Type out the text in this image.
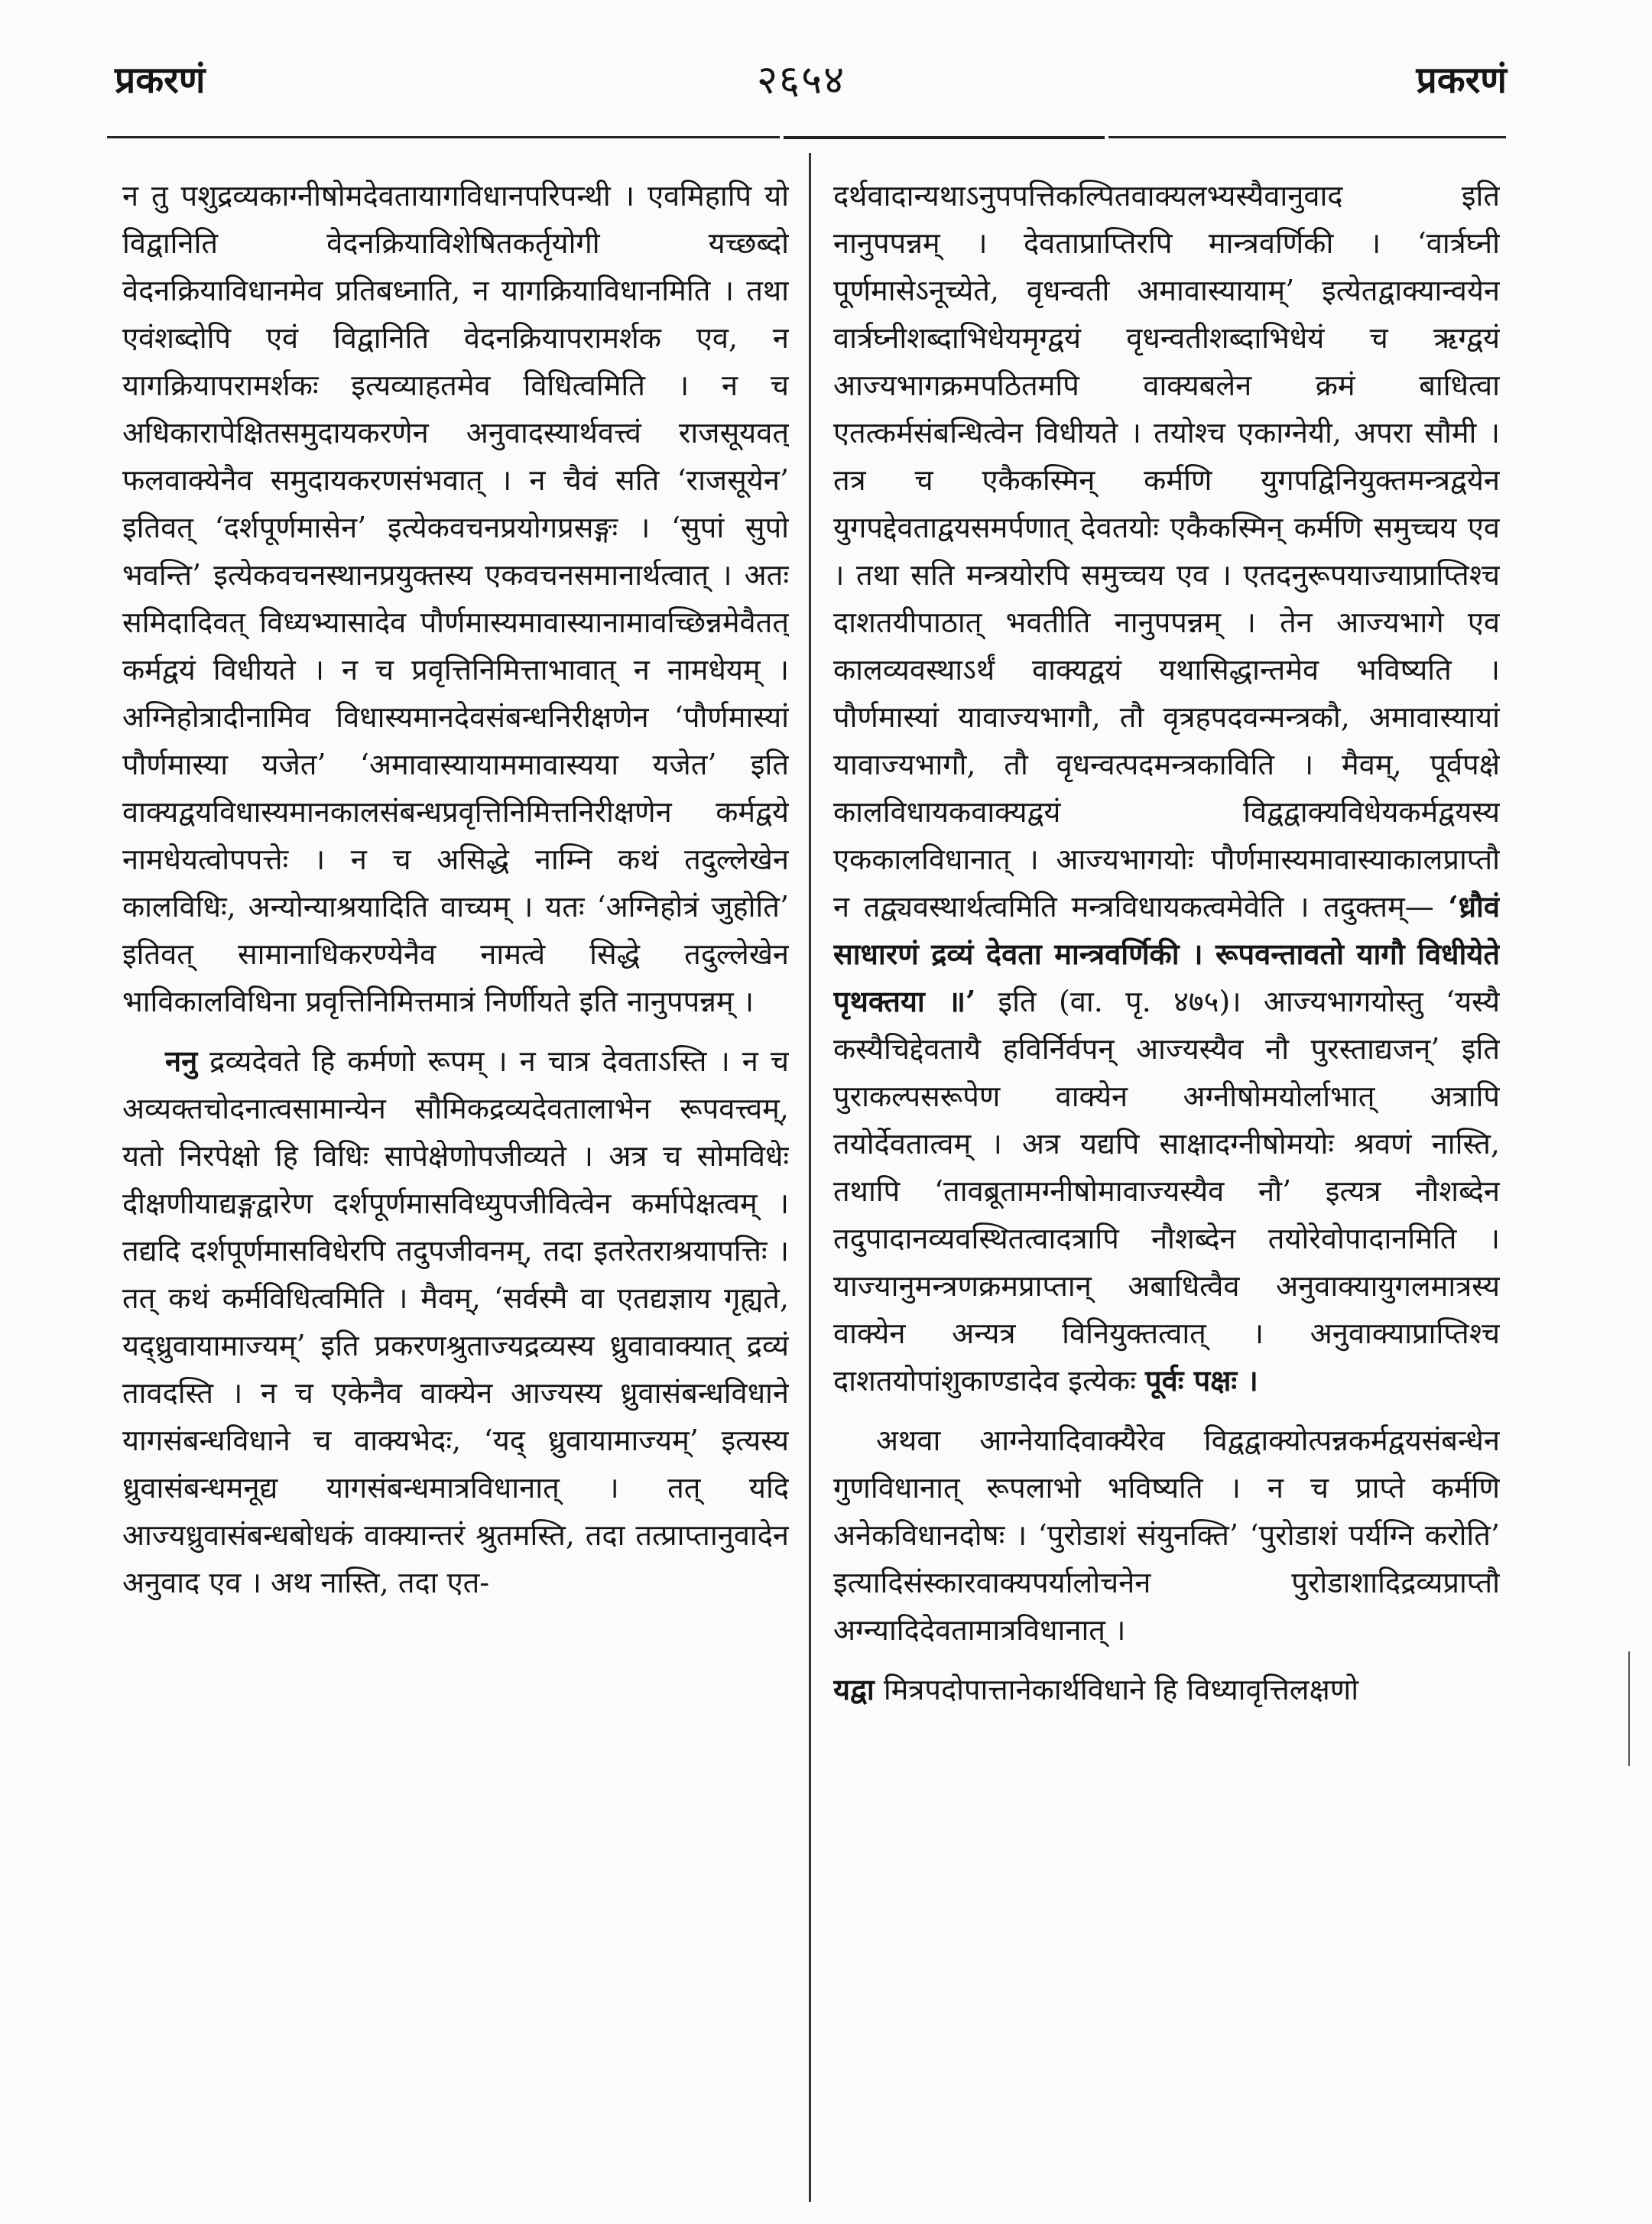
प्रकरणं	२६५४	प्रकरणं

न तु पशुद्रव्यकाग्नीषोमदेवतायागविधानपरिपन्थी । एवमिहापि यो विद्वानिति वेदनक्रियाविशेषितकर्तृयोगी यच्छब्दो वेदनक्रियाविधानमेव प्रतिबध्नाति, न यागक्रियाविधानमिति । तथा एवंशब्दोपि एवं विद्वानिति वेदनक्रियापरामर्शक एव, न यागक्रियापरामर्शकः इत्यव्याहतमेव विधित्वमिति । न च अधिकारापेक्षितसमुदायकरणेन अनुवादस्यार्थवत्त्वं राजसूयवत् फलवाक्येनैव समुदायकरणसंभवात् । न चैवं सति ‘राजसूयेन’ इतिवत् ‘दर्शपूर्णमासेन’ इत्येकवचनप्रयोगप्रसङ्गः । ‘सुपां सुपो भवन्ति’ इत्येकवचनस्थानप्रयुक्तस्य एकवचनसमानार्थत्वात् । अतः समिदादिवत् विध्यभ्यासादेव पौर्णमास्यमावास्यानामावच्छिन्नमेवैतत् कर्मद्वयं विधीयते । न च प्रवृत्तिनिमित्ताभावात् न नामधेयम् । अग्निहोत्रादीनामिव विधास्यमानदेवसंबन्धनिरीक्षणेन ‘पौर्णमास्यां पौर्णमास्या यजेत’ ‘अमावास्यायाममावास्यया यजेत’ इति वाक्यद्वयविधास्यमानकालसंबन्धप्रवृत्तिनिमित्तनिरीक्षणेन कर्मद्वये नामधेयत्वोपपत्तेः । न च असिद्धे नाम्नि कथं तदुल्लेखेन कालविधिः, अन्योन्याश्रयादिति वाच्यम् । यतः ‘अग्निहोत्रं जुहोति’ इतिवत् सामानाधिकरण्येनैव नामत्वे सिद्धे तदुल्लेखेन भाविकालविधिना प्रवृत्तिनिमित्तमात्रं निर्णीयते इति नानुपपन्नम् ।

ननु द्रव्यदेवते हि कर्मणो रूपम् । न चात्र देवताऽस्ति । न च अव्यक्तचोदनात्वसामान्येन सौमिकद्रव्यदेवतालाभेन रूपवत्त्वम्, यतो निरपेक्षो हि विधिः सापेक्षेणोपजीव्यते । अत्र च सोमविधेः दीक्षणीयाद्यङ्गद्वारेण दर्शपूर्णमासविध्युपजीवित्वेन कर्मापेक्षत्वम् । तद्यदि दर्शपूर्णमासविधेरपि तदुपजीवनम्, तदा इतरेतराश्रयापत्तिः । तत् कथं कर्मविधित्वमिति । मैवम्, ‘सर्वस्मै वा एतद्यज्ञाय गृह्यते, यद्ध्रुवायामाज्यम्’ इति प्रकरणश्रुताज्यद्रव्यस्य ध्रुवावाक्यात् द्रव्यं तावदस्ति । न च एकेनैव वाक्येन आज्यस्य ध्रुवासंबन्धविधाने यागसंबन्धविधाने च वाक्यभेदः, ‘यद् ध्रुवायामाज्यम्’ इत्यस्य ध्रुवासंबन्धमनूद्य यागसंबन्धमात्रविधानात् । तत् यदि आज्यध्रुवासंबन्धबोधकं वाक्यान्तरं श्रुतमस्ति, तदा तत्प्राप्तानुवादेन अनुवाद एव । अथ नास्ति, तदा एत-

दर्थवादान्यथाऽनुपपत्तिकल्पितवाक्यलभ्यस्यैवानुवाद इति नानुपपन्नम् । देवताप्राप्तिरपि मान्त्रवर्णिकी । ‘वार्त्रघ्नी पूर्णमासेऽनूच्येते, वृधन्वती अमावास्यायाम्’ इत्येतद्वाक्यान्वयेन वार्त्रघ्नीशब्दाभिधेयमृग्द्वयं वृधन्वतीशब्दाभिधेयं च ऋग्द्वयं आज्यभागक्रमपठितमपि वाक्यबलेन क्रमं बाधित्वा एतत्कर्मसंबन्धित्वेन विधीयते । तयोश्च एकाग्नेयी, अपरा सौमी । तत्र च एकैकस्मिन् कर्मणि युगपद्विनियुक्तमन्त्रद्वयेन युगपद्देवताद्वयसमर्पणात् देवतयोः एकैकस्मिन् कर्मणि समुच्चय एव । तथा सति मन्त्रयोरपि समुच्चय एव । एतदनुरूपयाज्याप्राप्तिश्च दाशतयीपाठात् भवतीति नानुपपन्नम् । तेन आज्यभागे एव कालव्यवस्थाऽर्थं वाक्यद्वयं यथासिद्धान्तमेव भविष्यति । पौर्णमास्यां यावाज्यभागौ, तौ वृत्रहपदवन्मन्त्रकौ, अमावास्यायां यावाज्यभागौ, तौ वृधन्वत्पदमन्त्रकाविति । मैवम्, पूर्वपक्षे कालविधायकवाक्यद्वयं विद्वद्वाक्यविधेयकर्मद्वयस्य एककालविधानात् । आज्यभागयोः पौर्णमास्यमावास्याकालप्राप्तौ न तद्व्यवस्थार्थत्वमिति मन्त्रविधायकत्वमेवेति । तदुक्तम्— ‘ध्रौवं साधारणं द्रव्यं देवता मान्त्रवर्णिकी । रूपवन्तावतो यागौ विधीयेते पृथक्तया ॥’ इति (वा. पृ. ४७५)। आज्यभागयोस्तु ‘यस्यै कस्यैचिद्देवतायै हविर्निर्वपन् आज्यस्यैव नौ पुरस्ताद्यजन्’ इति पुराकल्पसरूपेण वाक्येन अग्नीषोमयोर्लाभात् अत्रापि तयोर्देवतात्वम् । अत्र यद्यपि साक्षादग्नीषोमयोः श्रवणं नास्ति, तथापि ‘तावब्रूतामग्नीषोमावाज्यस्यैव नौ’ इत्यत्र नौशब्देन तदुपादानव्यवस्थितत्वादत्रापि नौशब्देन तयोरेवोपादानमिति । याज्यानुमन्त्रणक्रमप्राप्तान् अबाधित्वैव अनुवाक्यायुगलमात्रस्य वाक्येन अन्यत्र विनियुक्तत्वात् । अनुवाक्याप्राप्तिश्च दाशतयोपांशुकाण्डादेव इत्येकः पूर्वः पक्षः ।

अथवा आग्नेयादिवाक्यैरेव विद्वद्वाक्योत्पन्नकर्मद्वयसंबन्धेन गुणविधानात् रूपलाभो भविष्यति । न च प्राप्ते कर्मणि अनेकविधानदोषः । ‘पुरोडाशं संयुनक्ति’ ‘पुरोडाशं पर्यग्नि करोति’ इत्यादिसंस्कारवाक्यपर्यालोचनेन पुरोडाशादिद्रव्यप्राप्तौ अग्न्यादिदेवतामात्रविधानात् ।

यद्वा मित्रपदोपात्तानेकार्थविधाने हि विध्यावृत्तिलक्षणो
